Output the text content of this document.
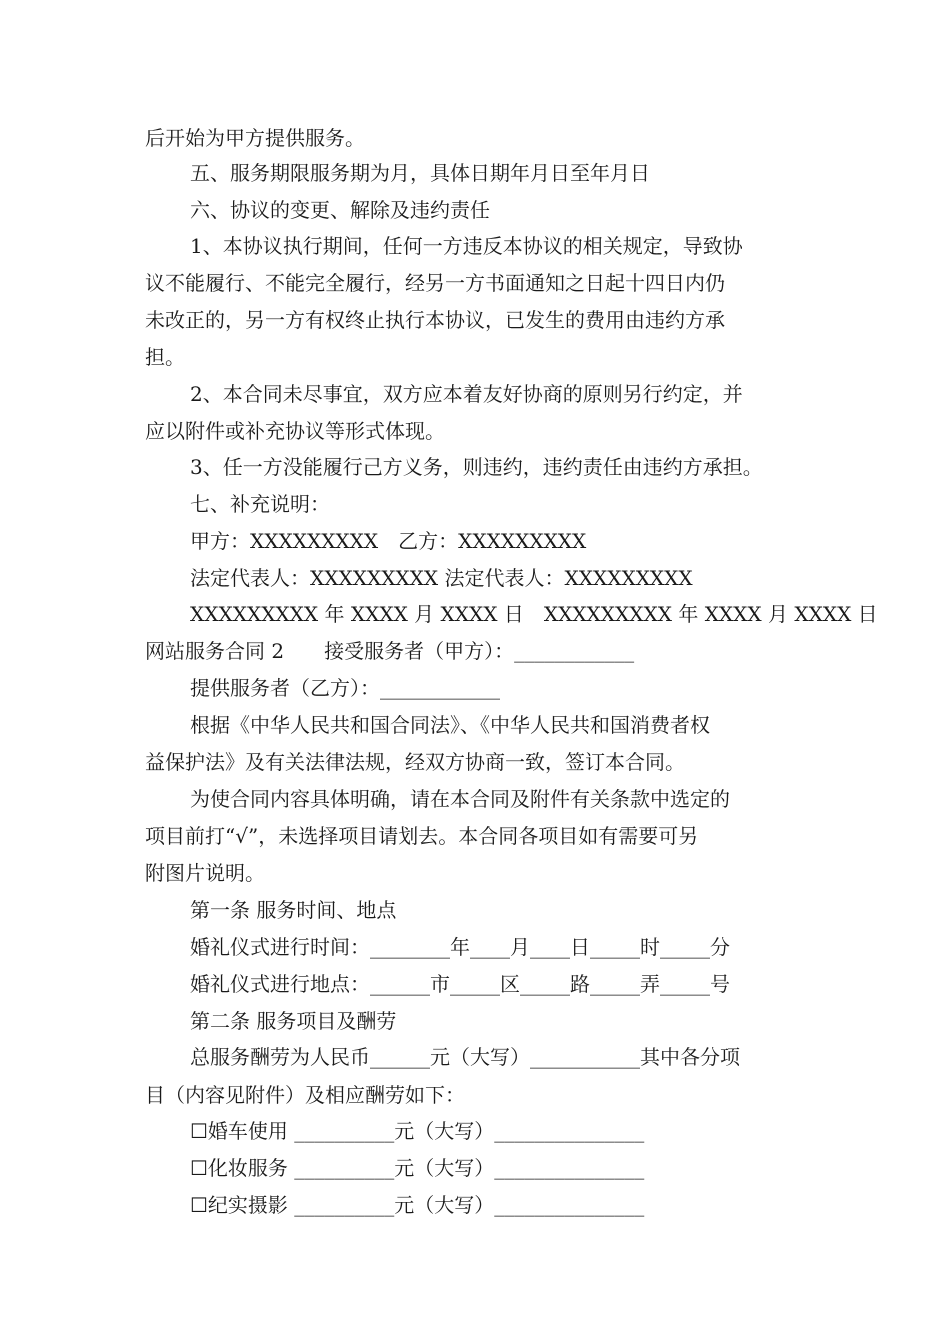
后开始为甲方提供服务。
五、服务期限服务期为月，具体日期年月日至年月日
六、协议的变更、解除及违约责任
1、本协议执行期间，任何一方违反本协议的相关规定，导致协
议不能履行、不能完全履行，经另一方书面通知之日起十四日内仍
未改正的，另一方有权终止执行本协议，已发生的费用由违约方承
担。
2、本合同未尽事宜，双方应本着友好协商的原则另行约定，并
应以附件或补充协议等形式体现。
3、任一方没能履行己方义务，则违约，违约责任由违约方承担。
七、补充说明：
甲方：XXXXXXXXX　乙方：XXXXXXXXX
法定代表人：XXXXXXXXX 法定代表人：XXXXXXXXX
XXXXXXXXX 年 XXXX 月 XXXX 日　XXXXXXXXX 年 XXXX 月 XXXX 日
网站服务合同 2　　接受服务者（甲方）：____________
提供服务者（乙方）：____________
根据《中华人民共和国合同法》、《中华人民共和国消费者权
益保护法》及有关法律法规，经双方协商一致，签订本合同。
为使合同内容具体明确，请在本合同及附件有关条款中选定的
项目前打“√”，未选择项目请划去。本合同各项目如有需要可另
附图片说明。
第一条 服务时间、地点
婚礼仪式进行时间：________年____月____日_____时_____分
婚礼仪式进行地点：______市_____区_____路_____弄_____号
第二条 服务项目及酬劳
总服务酬劳为人民币______元（大写）___________其中各分项
目（内容见附件）及相应酬劳如下：
☐婚车使用 __________元（大写）_______________
☐化妆服务 __________元（大写）_______________
☐纪实摄影 __________元（大写）_______________
